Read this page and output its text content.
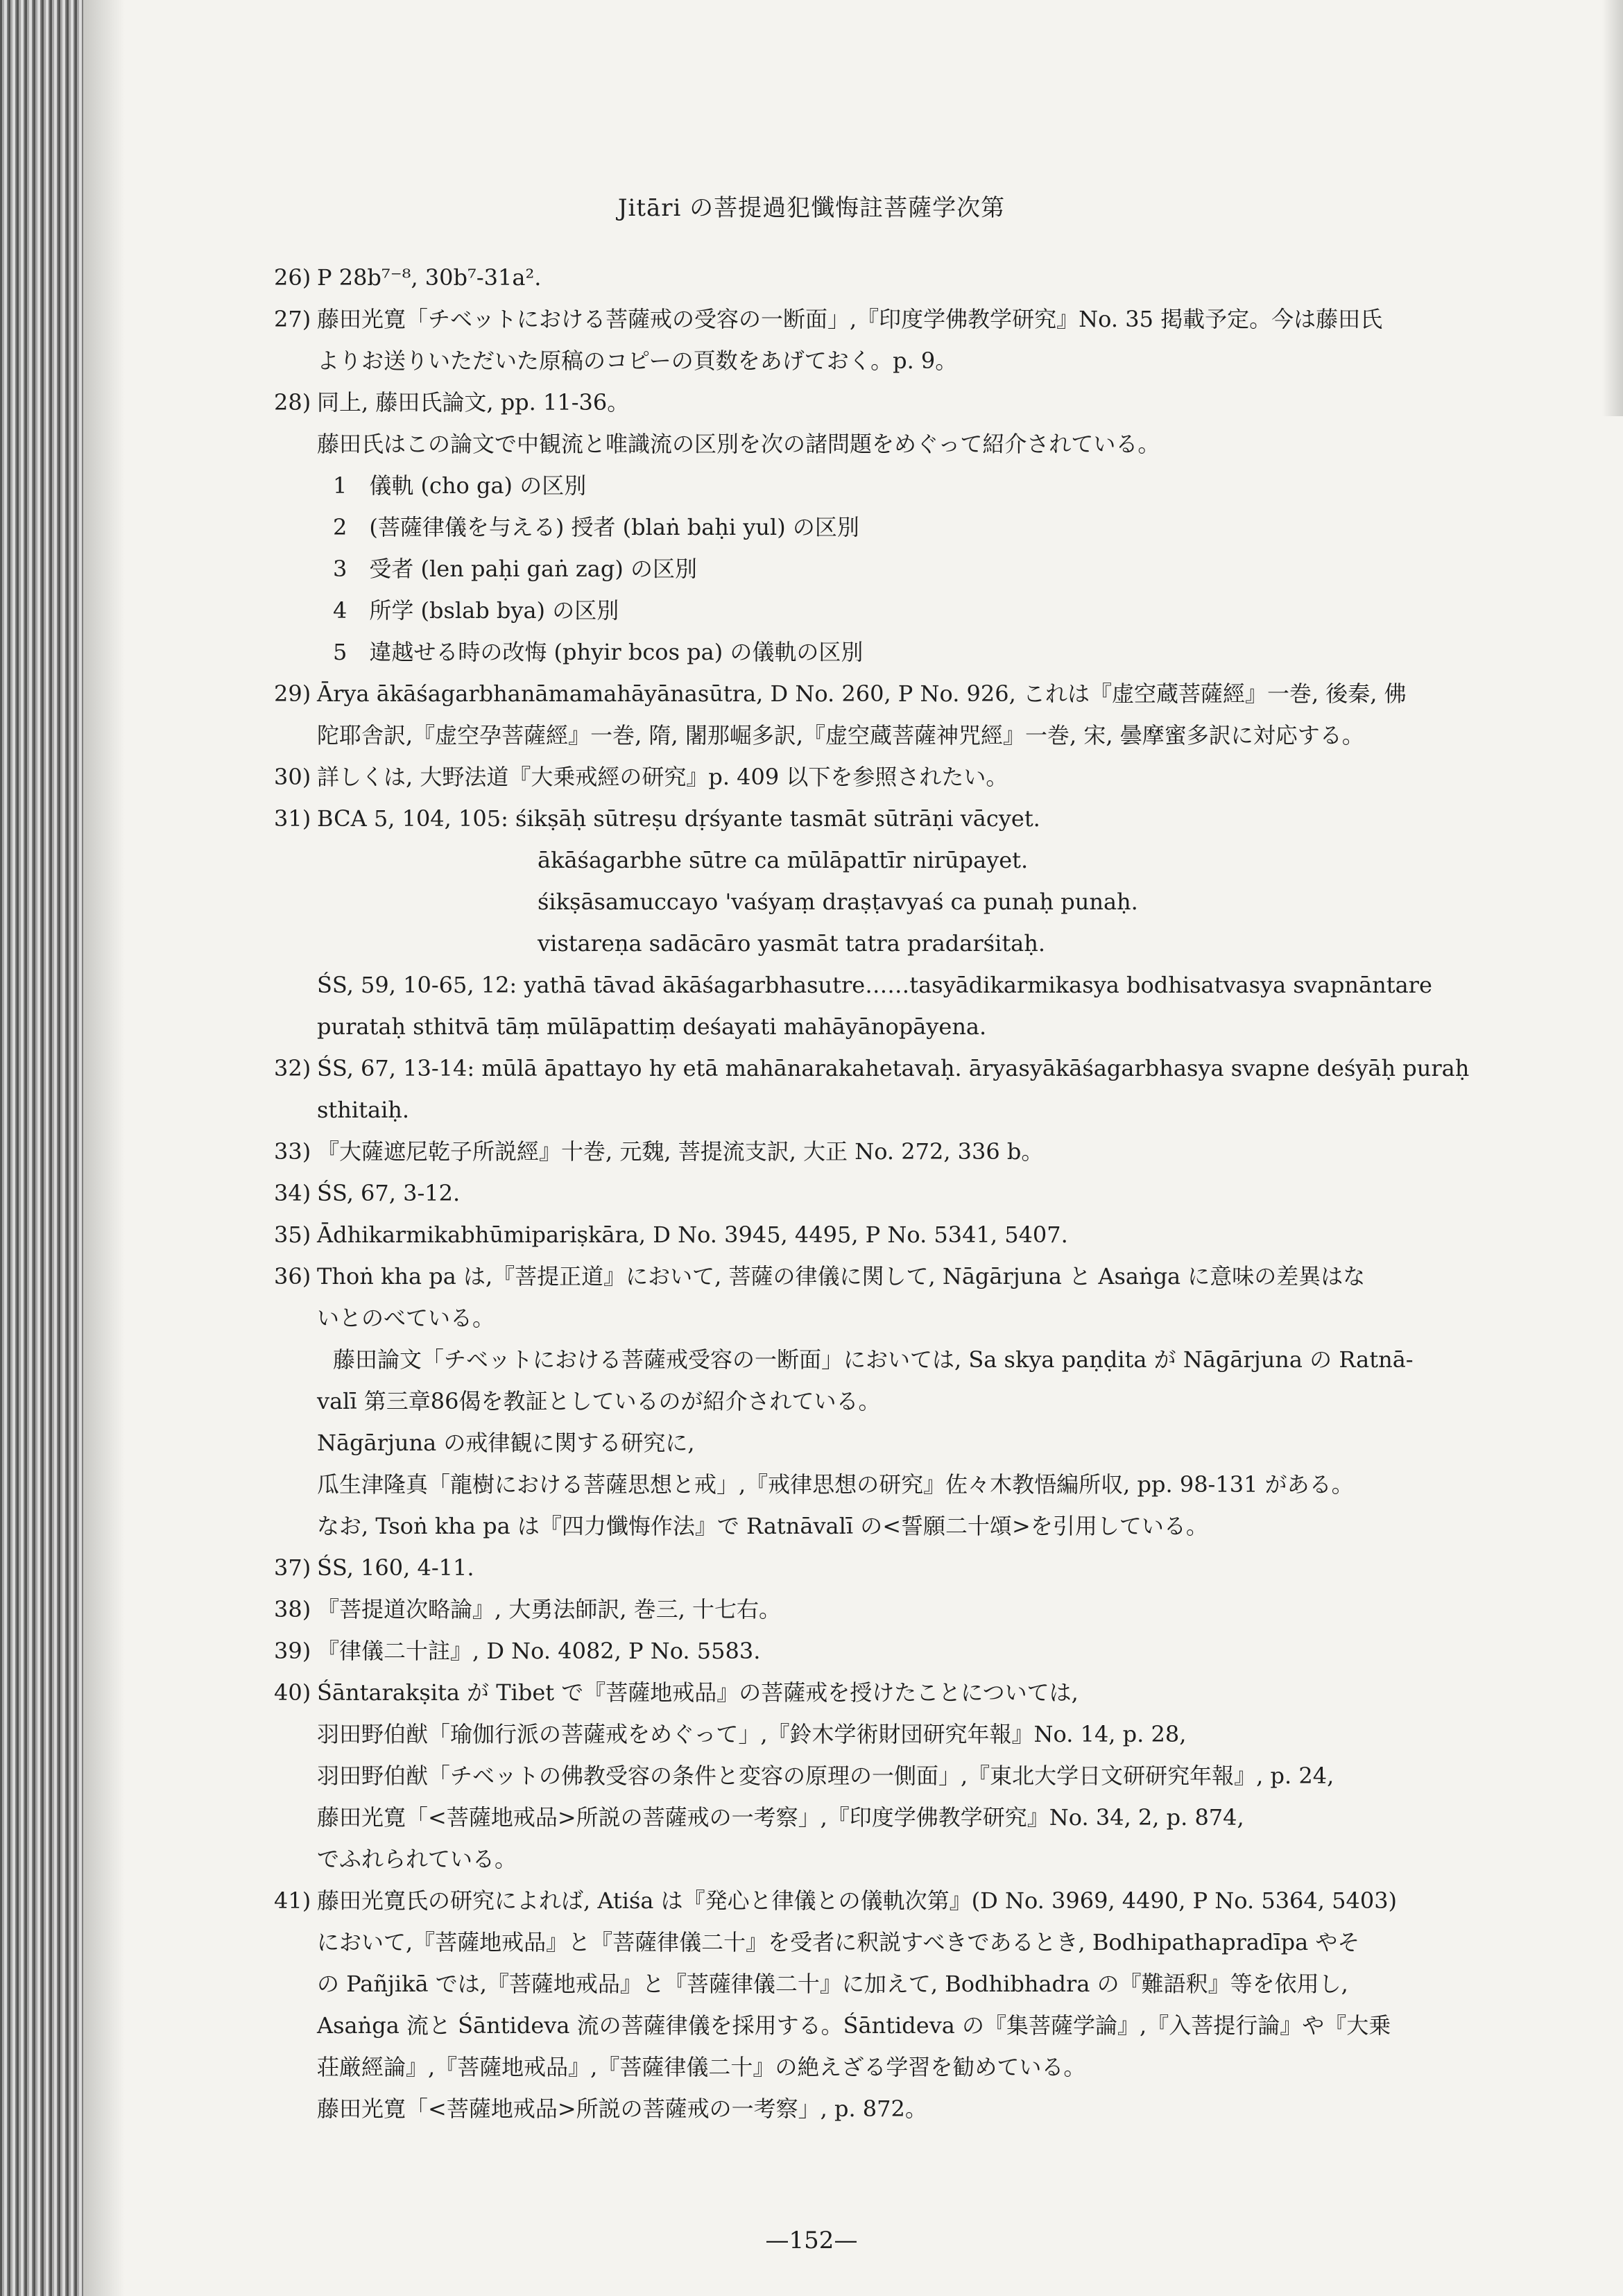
Jitāri の菩提過犯懺悔註菩薩学次第
26) P 28b⁷⁻⁸, 30b⁷-31a².
27) 藤田光寛「チベットにおける菩薩戒の受容の一断面」,『印度学佛教学研究』No. 35 掲載予定。今は藤田氏
よりお送りいただいた原稿のコピーの頁数をあげておく。p. 9。
28) 同上, 藤田氏論文, pp. 11-36。
藤田氏はこの論文で中観流と唯識流の区別を次の諸問題をめぐって紹介されている。
1　儀軌 (cho ga) の区別
2　(菩薩律儀を与える) 授者 (blaṅ baḥi yul) の区別
3　受者 (len paḥi gaṅ zag) の区別
4　所学 (bslab bya) の区別
5　違越せる時の改悔 (phyir bcos pa) の儀軌の区別
29) Ārya ākāśagarbhanāmamahāyānasūtra, D No. 260, P No. 926, これは『虚空蔵菩薩經』一巻, 後秦, 佛
陀耶舎訳,『虚空孕菩薩經』一巻, 隋, 闍那崛多訳,『虚空蔵菩薩神咒經』一巻, 宋, 曇摩蜜多訳に対応する。
30) 詳しくは, 大野法道『大乗戒經の研究』p. 409 以下を参照されたい。
31) BCA 5, 104, 105: śikṣāḥ sūtreṣu dṛśyante tasmāt sūtrāṇi vācyet.
ākāśagarbhe sūtre ca mūlāpattīr nirūpayet.
śikṣāsamuccayo 'vaśyaṃ draṣṭavyaś ca punaḥ punaḥ.
vistareṇa sadācāro yasmāt tatra pradarśitaḥ.
ŚS, 59, 10-65, 12: yathā tāvad ākāśagarbhasutre……tasyādikarmikasya bodhisatvasya svapnāntare
purataḥ sthitvā tāṃ mūlāpattiṃ deśayati mahāyānopāyena.
32) ŚS, 67, 13-14: mūlā āpattayo hy etā mahānarakahetavaḥ. āryasyākāśagarbhasya svapne deśyāḥ puraḥ
sthitaiḥ.
33) 『大薩遮尼乾子所説經』十巻, 元魏, 菩提流支訳, 大正 No. 272, 336 b。
34) ŚS, 67, 3-12.
35) Ādhikarmikabhūmipariṣkāra, D No. 3945, 4495, P No. 5341, 5407.
36) Thoṅ kha pa は,『菩提正道』において, 菩薩の律儀に関して, Nāgārjuna と Asaṅga に意味の差異はな
いとのべている。
藤田論文「チベットにおける菩薩戒受容の一断面」においては, Sa skya paṇḍita が Nāgārjuna の Ratnā-
valī 第三章86偈を教証としているのが紹介されている。
Nāgārjuna の戒律観に関する研究に,
瓜生津隆真「龍樹における菩薩思想と戒」,『戒律思想の研究』佐々木教悟編所収, pp. 98-131 がある。
なお, Tsoṅ kha pa は『四力懺悔作法』で Ratnāvalī の<誓願二十頌>を引用している。
37) ŚS, 160, 4-11.
38) 『菩提道次略論』, 大勇法師訳, 巻三, 十七右。
39) 『律儀二十註』, D No. 4082, P No. 5583.
40) Śāntarakṣita が Tibet で『菩薩地戒品』の菩薩戒を授けたことについては,
羽田野伯猷「瑜伽行派の菩薩戒をめぐって」,『鈴木学術財団研究年報』No. 14, p. 28,
羽田野伯猷「チベットの佛教受容の条件と変容の原理の一側面」,『東北大学日文研研究年報』, p. 24,
藤田光寛「<菩薩地戒品>所説の菩薩戒の一考察」,『印度学佛教学研究』No. 34, 2, p. 874,
でふれられている。
41) 藤田光寛氏の研究によれば, Atiśa は『発心と律儀との儀軌次第』(D No. 3969, 4490, P No. 5364, 5403)
において,『菩薩地戒品』と『菩薩律儀二十』を受者に釈説すべきであるとき, Bodhipathapradīpa やそ
の Pañjikā では,『菩薩地戒品』と『菩薩律儀二十』に加えて, Bodhibhadra の『難語釈』等を依用し,
Asaṅga 流と Śāntideva 流の菩薩律儀を採用する。Śāntideva の『集菩薩学論』,『入菩提行論』や『大乗
荘厳經論』,『菩薩地戒品』,『菩薩律儀二十』の絶えざる学習を勧めている。
藤田光寛「<菩薩地戒品>所説の菩薩戒の一考察」, p. 872。
—152—
